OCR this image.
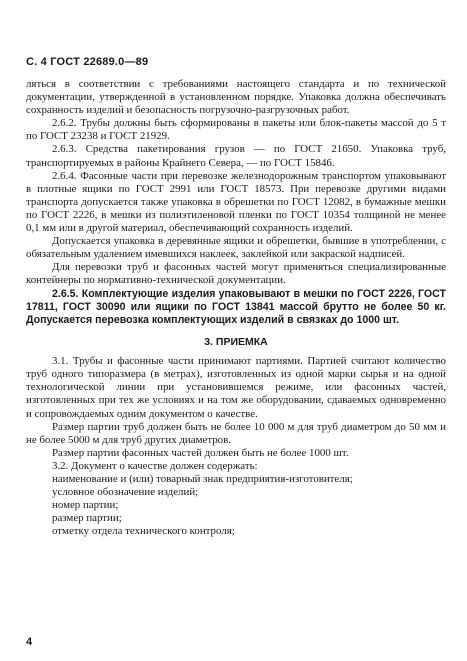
С. 4 ГОСТ 22689.0—89

ляться в соответствии с требованиями настоящего стандарта и по технической документации, утвержденной в установленном порядке. Упаковка должна обеспечивать сохранность изделий и безопасность погрузочно-разгрузочных работ.

2.6.2. Трубы должны быть сформированы в пакеты или блок-пакеты массой до 5 т по ГОСТ 23238 и ГОСТ 21929.

2.6.3. Средства пакетирования грузов — по ГОСТ 21650. Упаковка труб, транспортируемых в районы Крайнего Севера, — по ГОСТ 15846.

2.6.4. Фасонные части при перевозке железнодорожным транспортом упаковывают в плотные ящики по ГОСТ 2991 или ГОСТ 18573. При перевозке другими видами транспорта допускается также упаковка в обрешетки по ГОСТ 12082, в бумажные мешки по ГОСТ 2226, в мешки из полиэтиленовой пленки по ГОСТ 10354 толщиной не менее 0,1 мм или в другой материал, обеспечивающий сохранность изделий.

Допускается упаковка в деревянные ящики и обрешетки, бывшие в употреблении, с обязательным удалением имевшихся наклеек, заклейкой или закраской надписей.

Для перевозки труб и фасонных частей могут применяться специализированные контейнеры по нормативно-технической документации.

2.6.5. Комплектующие изделия упаковывают в мешки по ГОСТ 2226, ГОСТ 17811, ГОСТ 30090 или ящики по ГОСТ 13841 массой брутто не более 50 кг. Допускается перевозка комплектующих изделий в связках до 1000 шт.

3. ПРИЕМКА

3.1. Трубы и фасонные части принимают партиями. Партией считают количество труб одного типоразмера (в метрах), изготовленных из одной марки сырья и на одной технологической линии при установившемся режиме, или фасонных частей, изготовленных при тех же условиях и на том же оборудовании, сдаваемых одновременно и сопровождаемых одним документом о качестве.

Размер партии труб должен быть не более 10 000 м для труб диаметром до 50 мм и не более 5000 м для труб других диаметров.

Размер партии фасонных частей должен быть не более 1000 шт.

3.2. Документ о качестве должен содержать:

наименование и (или) товарный знак предприятия-изготовителя;

условное обозначение изделий;

номер партии;

размер партии;

отметку отдела технического контроля;

4
